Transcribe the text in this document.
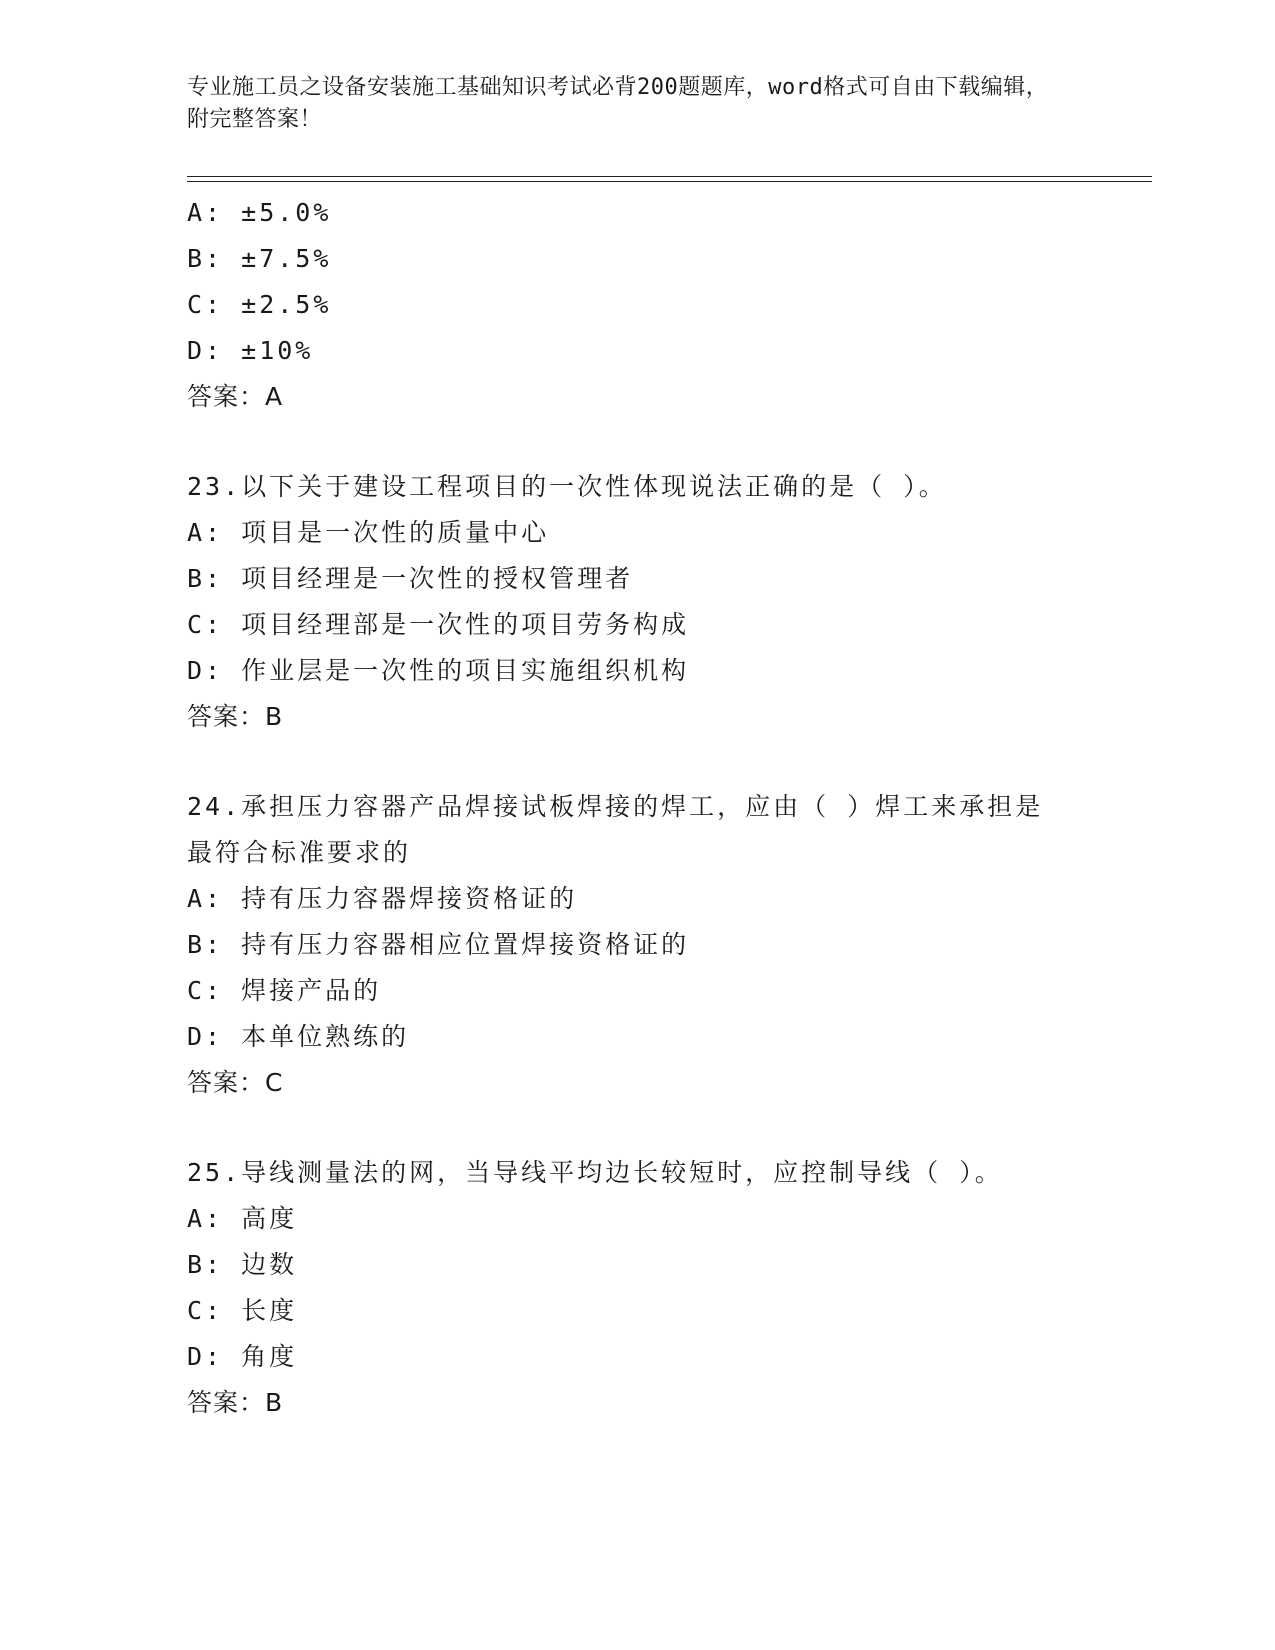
专业施工员之设备安装施工基础知识考试必背200题题库，word格式可自由下载编辑，附完整答案！
A: ±5.0%
B: ±7.5%
C: ±2.5%
D: ±10%
答案：A
23.以下关于建设工程项目的一次性体现说法正确的是（ ）。
A: 项目是一次性的质量中心
B: 项目经理是一次性的授权管理者
C: 项目经理部是一次性的项目劳务构成
D: 作业层是一次性的项目实施组织机构
答案：B
24.承担压力容器产品焊接试板焊接的焊工，应由（ ）焊工来承担是
最符合标准要求的
A: 持有压力容器焊接资格证的
B: 持有压力容器相应位置焊接资格证的
C: 焊接产品的
D: 本单位熟练的
答案：C
25.导线测量法的网，当导线平均边长较短时，应控制导线（ ）。
A: 高度
B: 边数
C: 长度
D: 角度
答案：B
